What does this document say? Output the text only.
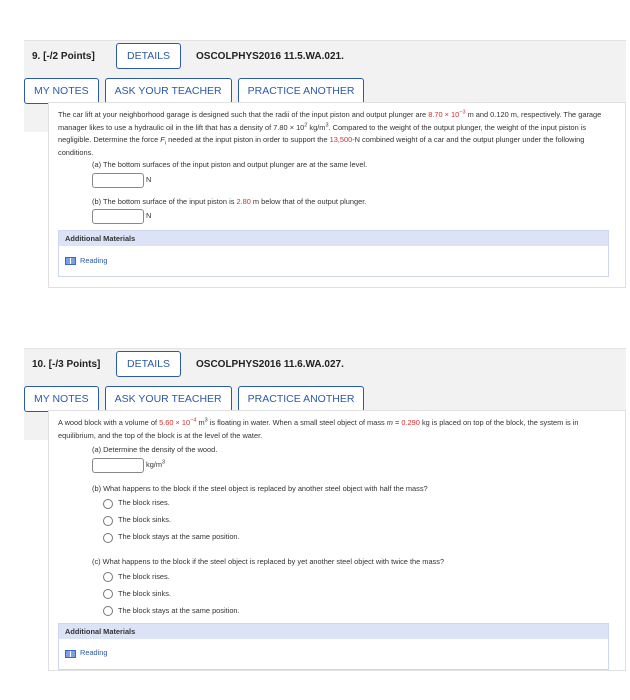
9. [-/2 Points]	DETAILS	OSCOLPHYS2016 11.5.WA.021.
MY NOTES	ASK YOUR TEACHER	PRACTICE ANOTHER
The car lift at your neighborhood garage is designed such that the radii of the input piston and output plunger are $8.70 \times 10^{-3}$ m and 0.120 m, respectively. The garage manager likes to use a hydraulic oil in the lift that has a density of $7.80 \times 10^2$ $kg/m^3$. Compared to the weight of the output plunger, the weight of the input piston is negligible. Determine the force $F_i$ needed at the input piston in order to support the 13,500-N combined weight of a car and the output plunger under the following conditions.
(a) The bottom surfaces of the input piston and output plunger are at the same level.
N
(b) The bottom surface of the input piston is 2.80 m below that of the output plunger.
N
Additional Materials
Reading
10. [-/3 Points]	DETAILS	OSCOLPHYS2016 11.6.WA.027.
MY NOTES	ASK YOUR TEACHER	PRACTICE ANOTHER
A wood block with a volume of $5.60 \times 10^{-4}$ $m^3$ is floating in water. When a small steel object of mass m = 0.290 kg is placed on top of the block, the system is in equilibrium, and the top of the block is at the level of the water.
(a) Determine the density of the wood.
$kg/m^3$
(b) What happens to the block if the steel object is replaced by another steel object with half the mass?
The block rises.
The block sinks.
The block stays at the same position.
(c) What happens to the block if the steel object is replaced by yet another steel object with twice the mass?
The block rises.
The block sinks.
The block stays at the same position.
Additional Materials
Reading
